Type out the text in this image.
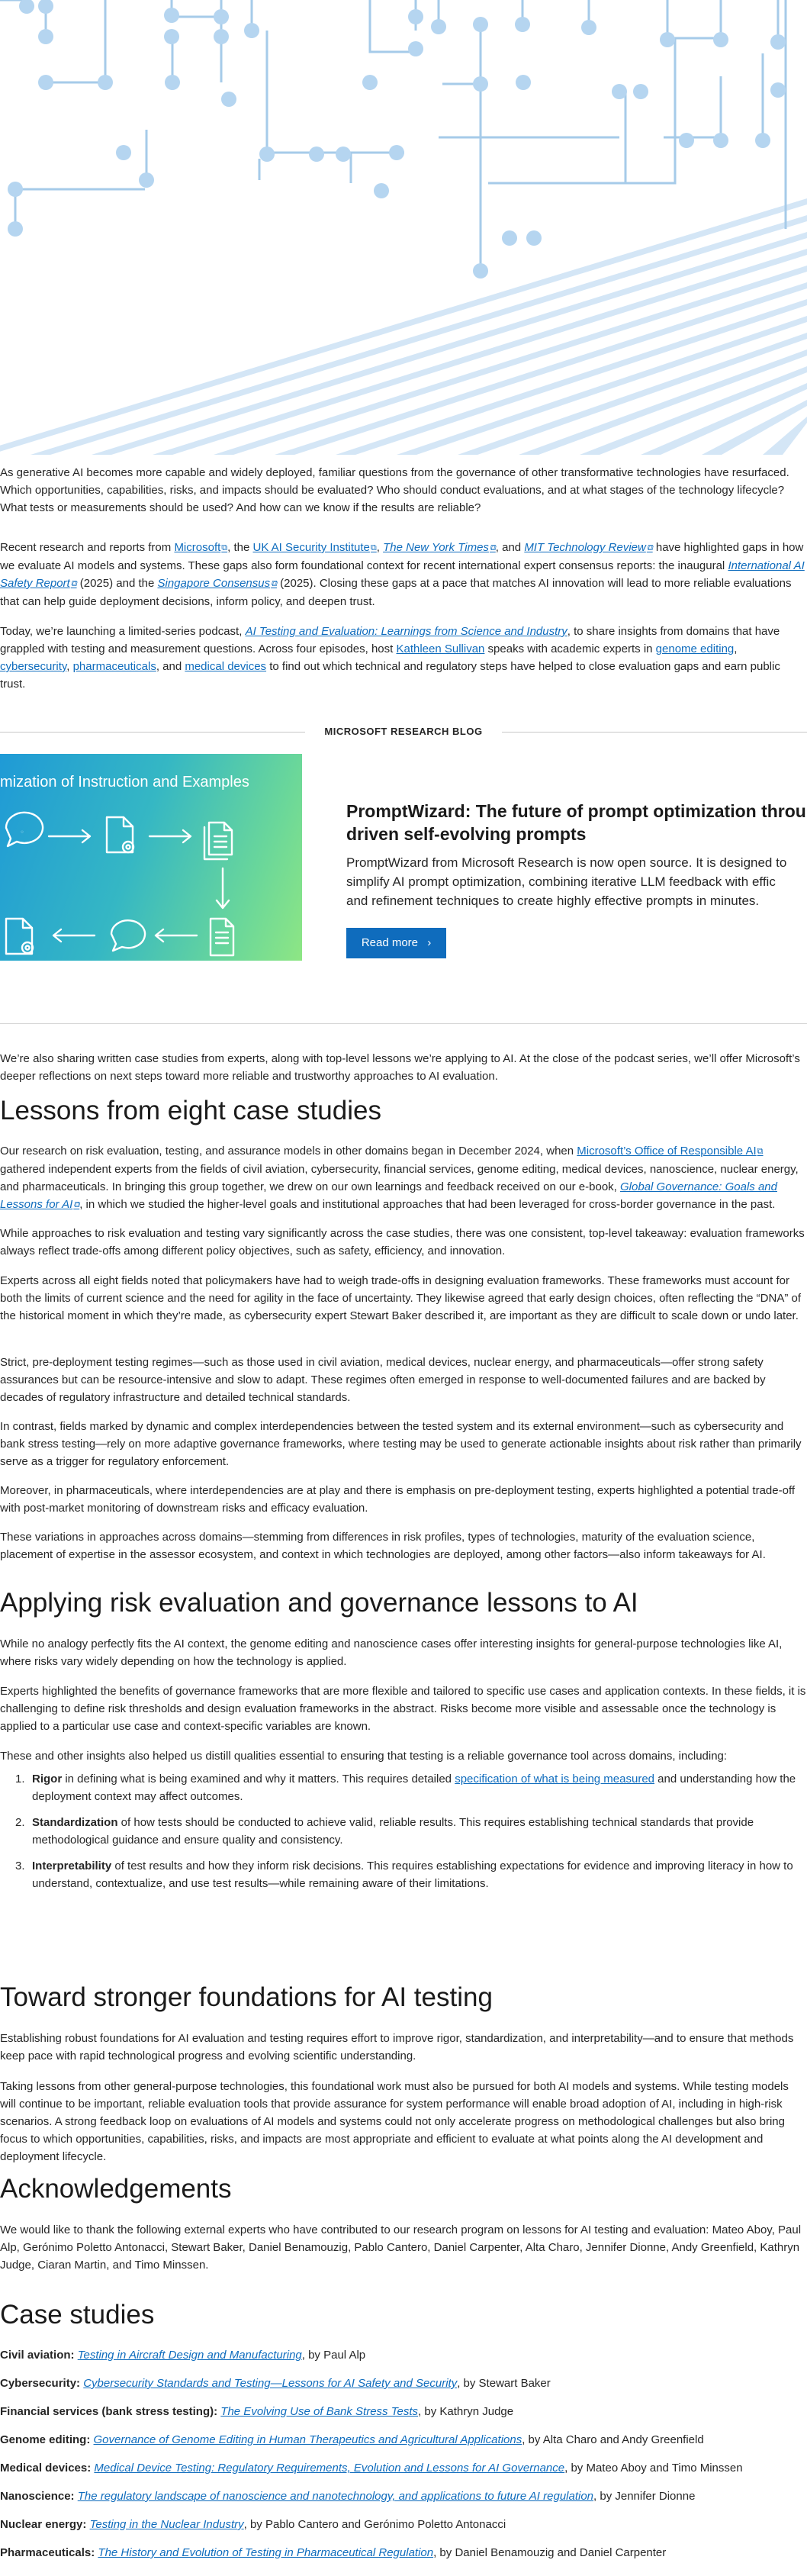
As generative AI becomes more capable and widely deployed, familiar questions from the governance of other transformative technologies have resurfaced. Which opportunities, capabilities, risks, and impacts should be evaluated? Who should conduct evaluations, and at what stages of the technology lifecycle? What tests or measurements should be used? And how can we know if the results are reliable?

Recent research and reports from Microsoft ⧉ , the UK AI Security Institute ⧉ , The New York Times ⧉ , and MIT Technology Review ⧉ have highlighted gaps in how we evaluate AI models and systems. These gaps also form foundational context for recent international expert consensus reports: the inaugural International AI Safety Report ⧉ (2025) and the Singapore Consensus ⧉ (2025). Closing these gaps at a pace that matches AI innovation will lead to more reliable evaluations that can help guide deployment decisions, inform policy, and deepen trust.

Today, we’re launching a limited-series podcast, AI Testing and Evaluation: Learnings from Science and Industry, to share insights from domains that have grappled with testing and measurement questions. Across four episodes, host Kathleen Sullivan speaks with academic experts in genome editing, cybersecurity, pharmaceuticals, and medical devices to find out which technical and regulatory steps have helped to close evaluation gaps and earn public trust.

MICROSOFT RESEARCH BLOG
mization of Instruction and Examples
PromptWizard: The future of prompt optimization throu
driven self-evolving prompts

PromptWizard from Microsoft Research is now open source. It is designed to
simplify AI prompt optimization, combining iterative LLM feedback with effic
and refinement techniques to create highly effective prompts in minutes.

Read more ›

We’re also sharing written case studies from experts, along with top-level lessons we’re applying to AI. At the close of the podcast series, we’ll offer Microsoft’s deeper reflections on next steps toward more reliable and trustworthy approaches to AI evaluation.

Lessons from eight case studies

Our research on risk evaluation, testing, and assurance models in other domains began in December 2024, when Microsoft’s Office of Responsible AI ⧉ gathered independent experts from the fields of civil aviation, cybersecurity, financial services, genome editing, medical devices, nanoscience, nuclear energy, and pharmaceuticals. In bringing this group together, we drew on our own learnings and feedback received on our e-book, Global Governance: Goals and Lessons for AI ⧉ , in which we studied the higher-level goals and institutional approaches that had been leveraged for cross-border governance in the past.

While approaches to risk evaluation and testing vary significantly across the case studies, there was one consistent, top-level takeaway: evaluation frameworks always reflect trade-offs among different policy objectives, such as safety, efficiency, and innovation.

Experts across all eight fields noted that policymakers have had to weigh trade-offs in designing evaluation frameworks. These frameworks must account for both the limits of current science and the need for agility in the face of uncertainty. They likewise agreed that early design choices, often reflecting the “DNA” of the historical moment in which they’re made, as cybersecurity expert Stewart Baker described it, are important as they are difficult to scale down or undo later.

Strict, pre-deployment testing regimes—such as those used in civil aviation, medical devices, nuclear energy, and pharmaceuticals—offer strong safety assurances but can be resource-intensive and slow to adapt. These regimes often emerged in response to well-documented failures and are backed by decades of regulatory infrastructure and detailed technical standards.

In contrast, fields marked by dynamic and complex interdependencies between the tested system and its external environment—such as cybersecurity and bank stress testing—rely on more adaptive governance frameworks, where testing may be used to generate actionable insights about risk rather than primarily serve as a trigger for regulatory enforcement.

Moreover, in pharmaceuticals, where interdependencies are at play and there is emphasis on pre-deployment testing, experts highlighted a potential trade-off with post-market monitoring of downstream risks and efficacy evaluation.

These variations in approaches across domains—stemming from differences in risk profiles, types of technologies, maturity of the evaluation science, placement of expertise in the assessor ecosystem, and context in which technologies are deployed, among other factors—also inform takeaways for AI.

Applying risk evaluation and governance lessons to AI

While no analogy perfectly fits the AI context, the genome editing and nanoscience cases offer interesting insights for general-purpose technologies like AI, where risks vary widely depending on how the technology is applied.

Experts highlighted the benefits of governance frameworks that are more flexible and tailored to specific use cases and application contexts. In these fields, it is challenging to define risk thresholds and design evaluation frameworks in the abstract. Risks become more visible and assessable once the technology is applied to a particular use case and context-specific variables are known.

These and other insights also helped us distill qualities essential to ensuring that testing is a reliable governance tool across domains, including:

1. Rigor in defining what is being examined and why it matters. This requires detailed specification of what is being measured and understanding how the deployment context may affect outcomes.
2. Standardization of how tests should be conducted to achieve valid, reliable results. This requires establishing technical standards that provide methodological guidance and ensure quality and consistency.
3. Interpretability of test results and how they inform risk decisions. This requires establishing expectations for evidence and improving literacy in how to understand, contextualize, and use test results—while remaining aware of their limitations.
Toward stronger foundations for AI testing

Establishing robust foundations for AI evaluation and testing requires effort to improve rigor, standardization, and interpretability—and to ensure that methods keep pace with rapid technological progress and evolving scientific understanding.

Taking lessons from other general-purpose technologies, this foundational work must also be pursued for both AI models and systems. While testing models will continue to be important, reliable evaluation tools that provide assurance for system performance will enable broad adoption of AI, including in high-risk scenarios. A strong feedback loop on evaluations of AI models and systems could not only accelerate progress on methodological challenges but also bring focus to which opportunities, capabilities, risks, and impacts are most appropriate and efficient to evaluate at what points along the AI development and deployment lifecycle.

Acknowledgements

We would like to thank the following external experts who have contributed to our research program on lessons for AI testing and evaluation: Mateo Aboy, Paul Alp, Gerónimo Poletto Antonacci, Stewart Baker, Daniel Benamouzig, Pablo Cantero, Daniel Carpenter, Alta Charo, Jennifer Dionne, Andy Greenfield, Kathryn Judge, Ciaran Martin, and Timo Minssen.

Case studies

Civil aviation: Testing in Aircraft Design and Manufacturing, by Paul Alp

Cybersecurity: Cybersecurity Standards and Testing—Lessons for AI Safety and Security, by Stewart Baker

Financial services (bank stress testing): The Evolving Use of Bank Stress Tests, by Kathryn Judge

Genome editing: Governance of Genome Editing in Human Therapeutics and Agricultural Applications, by Alta Charo and Andy Greenfield

Medical devices: Medical Device Testing: Regulatory Requirements, Evolution and Lessons for AI Governance, by Mateo Aboy and Timo Minssen

Nanoscience: The regulatory landscape of nanoscience and nanotechnology, and applications to future AI regulation, by Jennifer Dionne

Nuclear energy: Testing in the Nuclear Industry, by Pablo Cantero and Gerónimo Poletto Antonacci

Pharmaceuticals: The History and Evolution of Testing in Pharmaceutical Regulation, by Daniel Benamouzig and Daniel Carpenter
